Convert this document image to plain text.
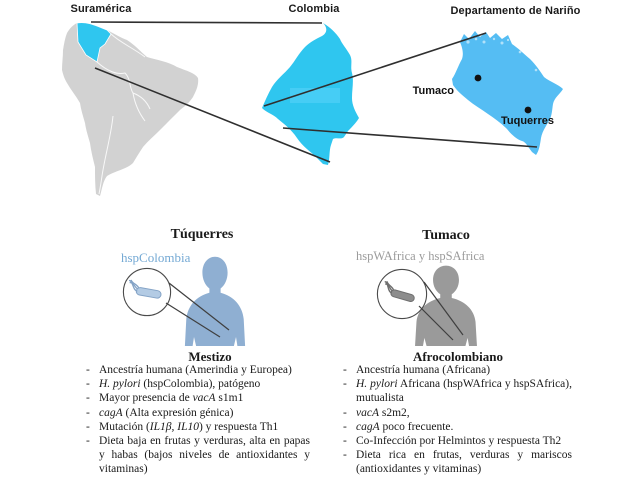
Suramérica	Colombia	Departamento de Nariño
Tumaco
Tuquerres
Túquerres
hspColombia
Tumaco
hspWAfrica y hspSAfrica
Mestizo
- Ancestría humana (Amerindia y Europea)
- H. pylori (hspColombia), patógeno
- Mayor presencia de vacA s1m1
- cagA (Alta expresión génica)
- Mutación (IL1β, IL10) y respuesta Th1
- Dieta baja en frutas y verduras, alta en papas y habas (bajos niveles de antioxidantes y vitaminas)
Afrocolombiano
- Ancestría humana (Africana)
- H. pylori Africana (hspWAfrica y hspSAfrica), mutualista
- vacA s2m2,
- cagA poco frecuente.
- Co-Infección por Helmintos y respuesta Th2
- Dieta rica en frutas, verduras y mariscos (antioxidantes y vitaminas)
